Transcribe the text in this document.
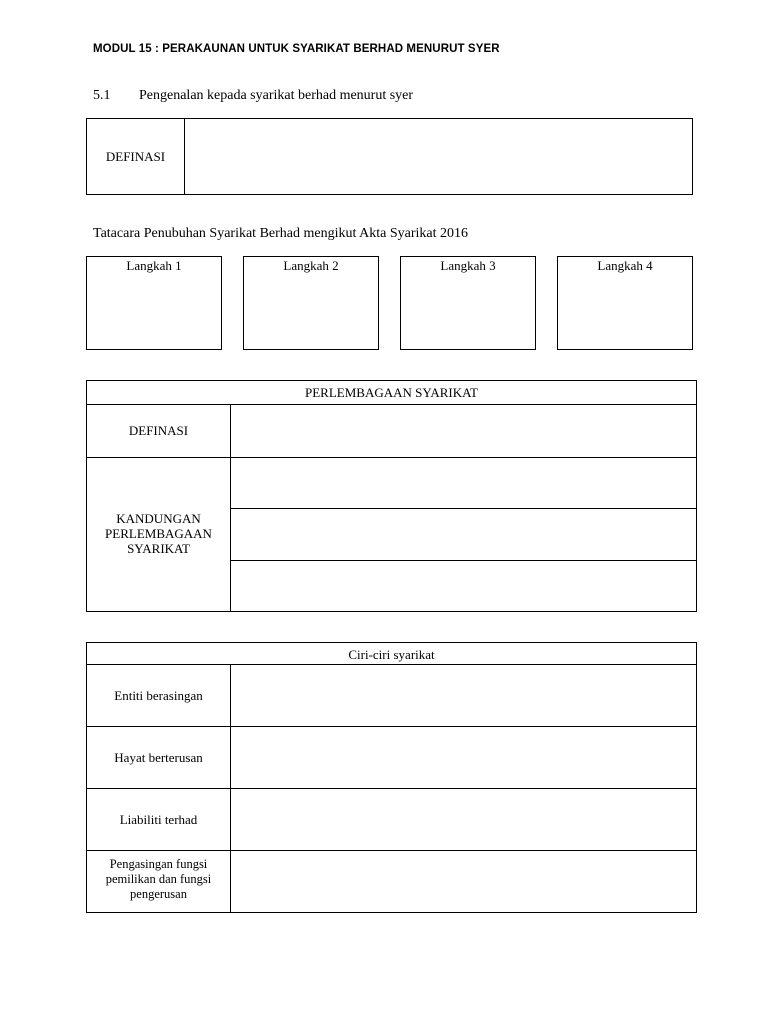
MODUL 15 : PERAKAUNAN UNTUK SYARIKAT BERHAD MENURUT SYER
5.1 Pengenalan kepada syarikat berhad menurut syer
DEFINASI
Tatacara Penubuhan Syarikat Berhad mengikut Akta Syarikat 2016
Langkah 1	Langkah 2	Langkah 3	Langkah 4
PERLEMBAGAAN SYARIKAT
DEFINASI
KANDUNGAN
PERLEMBAGAAN
SYARIKAT
Ciri-ciri syarikat
Entiti berasingan
Hayat berterusan
Liabiliti terhad
Pengasingan fungsi pemilikan dan fungsi pengerusan
